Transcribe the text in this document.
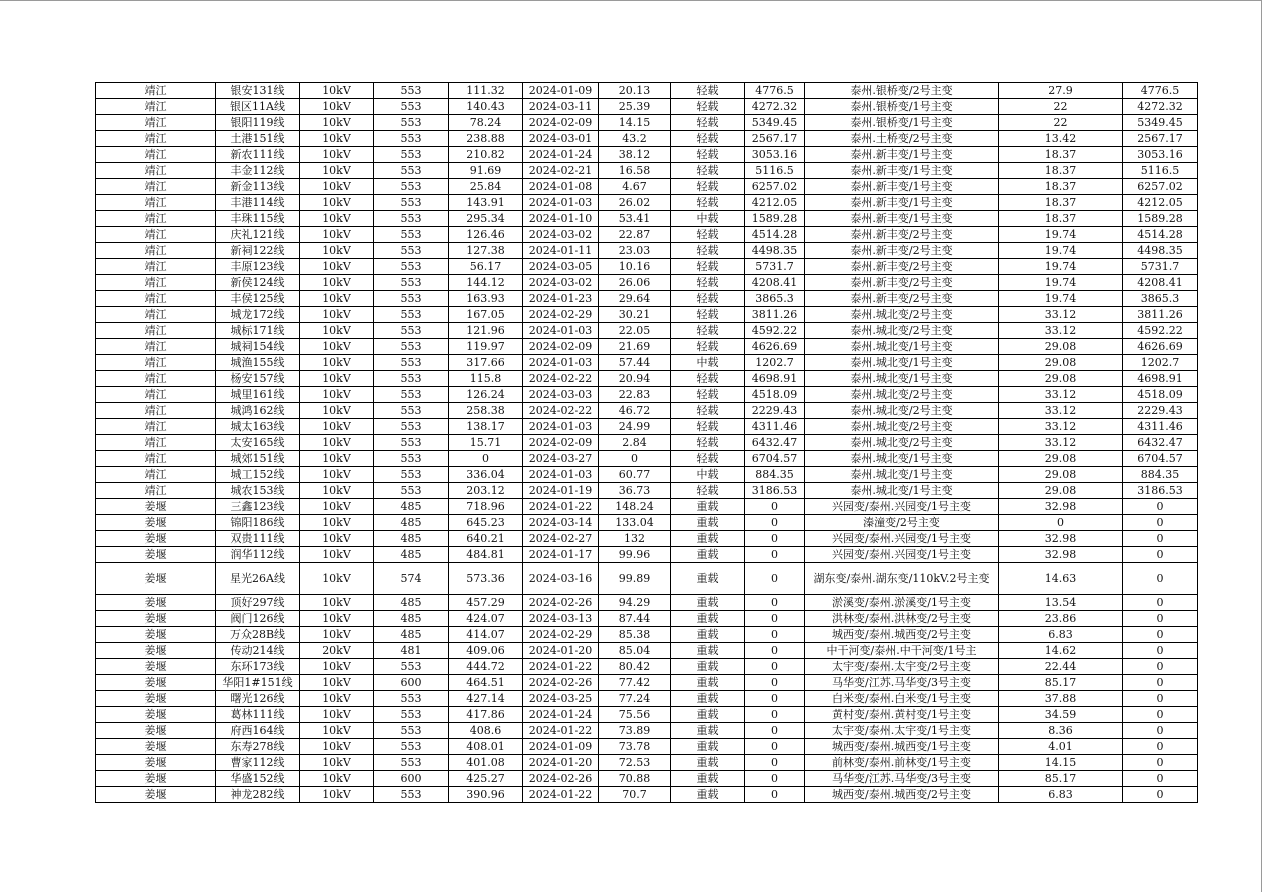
靖江	银安131线	10kV	553	111.32	2024-01-09	20.13	轻载	4776.5	泰州.银桥变/2号主变	27.9	4776.5
靖江	银区11A线	10kV	553	140.43	2024-03-11	25.39	轻载	4272.32	泰州.银桥变/1号主变	22	4272.32
靖江	银阳119线	10kV	553	78.24	2024-02-09	14.15	轻载	5349.45	泰州.银桥变/1号主变	22	5349.45
靖江	土港151线	10kV	553	238.88	2024-03-01	43.2	轻载	2567.17	泰州.土桥变/2号主变	13.42	2567.17
靖江	新农111线	10kV	553	210.82	2024-01-24	38.12	轻载	3053.16	泰州.新丰变/1号主变	18.37	3053.16
靖江	丰金112线	10kV	553	91.69	2024-02-21	16.58	轻载	5116.5	泰州.新丰变/1号主变	18.37	5116.5
靖江	新金113线	10kV	553	25.84	2024-01-08	4.67	轻载	6257.02	泰州.新丰变/1号主变	18.37	6257.02
靖江	丰港114线	10kV	553	143.91	2024-01-03	26.02	轻载	4212.05	泰州.新丰变/1号主变	18.37	4212.05
靖江	丰珠115线	10kV	553	295.34	2024-01-10	53.41	中载	1589.28	泰州.新丰变/1号主变	18.37	1589.28
靖江	庆礼121线	10kV	553	126.46	2024-03-02	22.87	轻载	4514.28	泰州.新丰变/2号主变	19.74	4514.28
靖江	新祠122线	10kV	553	127.38	2024-01-11	23.03	轻载	4498.35	泰州.新丰变/2号主变	19.74	4498.35
靖江	丰原123线	10kV	553	56.17	2024-03-05	10.16	轻载	5731.7	泰州.新丰变/2号主变	19.74	5731.7
靖江	新侯124线	10kV	553	144.12	2024-03-02	26.06	轻载	4208.41	泰州.新丰变/2号主变	19.74	4208.41
靖江	丰侯125线	10kV	553	163.93	2024-01-23	29.64	轻载	3865.3	泰州.新丰变/2号主变	19.74	3865.3
靖江	城龙172线	10kV	553	167.05	2024-02-29	30.21	轻载	3811.26	泰州.城北变/2号主变	33.12	3811.26
靖江	城标171线	10kV	553	121.96	2024-01-03	22.05	轻载	4592.22	泰州.城北变/2号主变	33.12	4592.22
靖江	城祠154线	10kV	553	119.97	2024-02-09	21.69	轻载	4626.69	泰州.城北变/1号主变	29.08	4626.69
靖江	城渔155线	10kV	553	317.66	2024-01-03	57.44	中载	1202.7	泰州.城北变/1号主变	29.08	1202.7
靖江	杨安157线	10kV	553	115.8	2024-02-22	20.94	轻载	4698.91	泰州.城北变/1号主变	29.08	4698.91
靖江	城里161线	10kV	553	126.24	2024-03-03	22.83	轻载	4518.09	泰州.城北变/2号主变	33.12	4518.09
靖江	城鸿162线	10kV	553	258.38	2024-02-22	46.72	轻载	2229.43	泰州.城北变/2号主变	33.12	2229.43
靖江	城太163线	10kV	553	138.17	2024-01-03	24.99	轻载	4311.46	泰州.城北变/2号主变	33.12	4311.46
靖江	太安165线	10kV	553	15.71	2024-02-09	2.84	轻载	6432.47	泰州.城北变/2号主变	33.12	6432.47
靖江	城郊151线	10kV	553	0	2024-03-27	0	轻载	6704.57	泰州.城北变/1号主变	29.08	6704.57
靖江	城工152线	10kV	553	336.04	2024-01-03	60.77	中载	884.35	泰州.城北变/1号主变	29.08	884.35
靖江	城农153线	10kV	553	203.12	2024-01-19	36.73	轻载	3186.53	泰州.城北变/1号主变	29.08	3186.53
姜堰	三鑫123线	10kV	485	718.96	2024-01-22	148.24	重载	0	兴园变/泰州.兴园变/1号主变	32.98	0
姜堰	锦阳186线	10kV	485	645.23	2024-03-14	133.04	重载	0	溱潼变/2号主变	0	0
姜堰	双贵111线	10kV	485	640.21	2024-02-27	132	重载	0	兴园变/泰州.兴园变/1号主变	32.98	0
姜堰	润华112线	10kV	485	484.81	2024-01-17	99.96	重载	0	兴园变/泰州.兴园变/1号主变	32.98	0
姜堰	星光26A线	10kV	574	573.36	2024-03-16	99.89	重载	0	湖东变/泰州.湖东变/110kV.2号主变	14.63	0
姜堰	顶好297线	10kV	485	457.29	2024-02-26	94.29	重载	0	淤溪变/泰州.淤溪变/1号主变	13.54	0
姜堰	阀门126线	10kV	485	424.07	2024-03-13	87.44	重载	0	洪林变/泰州.洪林变/2号主变	23.86	0
姜堰	万众28B线	10kV	485	414.07	2024-02-29	85.38	重载	0	城西变/泰州.城西变/2号主变	6.83	0
姜堰	传动214线	20kV	481	409.06	2024-01-20	85.04	重载	0	中干河变/泰州.中干河变/1号主	14.62	0
姜堰	东环173线	10kV	553	444.72	2024-01-22	80.42	重载	0	太宇变/泰州.太宇变/2号主变	22.44	0
姜堰	华阳1#151线	10kV	600	464.51	2024-02-26	77.42	重载	0	马华变/江苏.马华变/3号主变	85.17	0
姜堰	曙光126线	10kV	553	427.14	2024-03-25	77.24	重载	0	白米变/泰州.白米变/1号主变	37.88	0
姜堰	葛林111线	10kV	553	417.86	2024-01-24	75.56	重载	0	黄村变/泰州.黄村变/1号主变	34.59	0
姜堰	府西164线	10kV	553	408.6	2024-01-22	73.89	重载	0	太宇变/泰州.太宇变/1号主变	8.36	0
姜堰	东寿278线	10kV	553	408.01	2024-01-09	73.78	重载	0	城西变/泰州.城西变/1号主变	4.01	0
姜堰	曹家112线	10kV	553	401.08	2024-01-20	72.53	重载	0	前林变/泰州.前林变/1号主变	14.15	0
姜堰	华盛152线	10kV	600	425.27	2024-02-26	70.88	重载	0	马华变/江苏.马华变/3号主变	85.17	0
姜堰	神龙282线	10kV	553	390.96	2024-01-22	70.7	重载	0	城西变/泰州.城西变/2号主变	6.83	0
